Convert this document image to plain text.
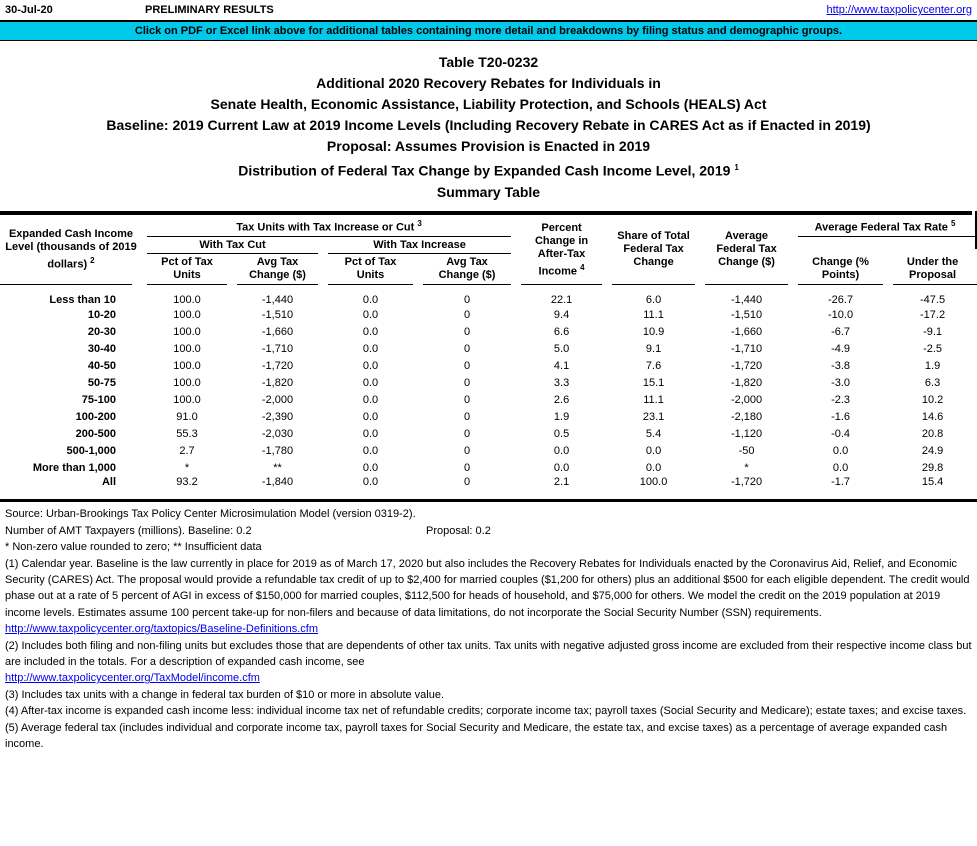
30-Jul-20	PRELIMINARY RESULTS	http://www.taxpolicycenter.org
Click on PDF or Excel link above for additional tables containing more detail and breakdowns by filing status and demographic groups.
Table T20-0232
Additional 2020 Recovery Rebates for Individuals in
Senate Health, Economic Assistance, Liability Protection, and Schools (HEALS) Act
Baseline: 2019 Current Law at 2019 Income Levels (Including Recovery Rebate in CARES Act as if Enacted in 2019)
Proposal: Assumes Provision is Enacted in 2019
Distribution of Federal Tax Change by Expanded Cash Income Level, 2019 $^1$
Summary Table
Expanded Cash Income Level (thousands of 2019 dollars) $^2$	Tax Units with Tax Increase or Cut $^3$				Percent Change in After-Tax Income $^4$	Share of Total Federal Tax Change	Average Federal Tax Change ($)	Average Federal Tax Rate $^5$
	With Tax Cut		With Tax Increase					Change (% Points)	Under the Proposal
	Pct of Tax Units	Avg Tax Change ($)	Pct of Tax Units	Avg Tax Change ($)					
Less than 10	100.0	-1,440	0.0	0	22.1	6.0	-1,440	-26.7	-47.5
10-20	100.0	-1,510	0.0	0	9.4	11.1	-1,510	-10.0	-17.2
20-30	100.0	-1,660	0.0	0	6.6	10.9	-1,660	-6.7	-9.1
30-40	100.0	-1,710	0.0	0	5.0	9.1	-1,710	-4.9	-2.5
40-50	100.0	-1,720	0.0	0	4.1	7.6	-1,720	-3.8	1.9
50-75	100.0	-1,820	0.0	0	3.3	15.1	-1,820	-3.0	6.3
75-100	100.0	-2,000	0.0	0	2.6	11.1	-2,000	-2.3	10.2
100-200	91.0	-2,390	0.0	0	1.9	23.1	-2,180	-1.6	14.6
200-500	55.3	-2,030	0.0	0	0.5	5.4	-1,120	-0.4	20.8
500-1,000	2.7	-1,780	0.0	0	0.0	0.0	-50	0.0	24.9
More than 1,000	*	**	0.0	0	0.0	0.0	*	0.0	29.8
All	93.2	-1,840	0.0	0	2.1	100.0	-1,720	-1.7	15.4
Source: Urban-Brookings Tax Policy Center Microsimulation Model (version 0319-2).
Number of AMT Taxpayers (millions). Baseline: 0.2	Proposal: 0.2
* Non-zero value rounded to zero; ** Insufficient data
(1) Calendar year. Baseline is the law currently in place for 2019 as of March 17, 2020 but also includes the Recovery Rebates for Individuals enacted by the Coronavirus Aid, Relief, and Economic Security (CARES) Act. The proposal would provide a refundable tax credit of up to $2,400 for married couples ($1,200 for others) plus an additional $500 for each eligible dependent. The credit would phase out at a rate of 5 percent of AGI in excess of $150,000 for married couples, $112,500 for heads of household, and $75,000 for others. We model the credit on the 2019 population at 2019 income levels. Estimates assume 100 percent take-up for non-filers and because of data limitations, do not incorporate the Social Security Number (SSN) requirements.
http://www.taxpolicycenter.org/taxtopics/Baseline-Definitions.cfm
(2) Includes both filing and non-filing units but excludes those that are dependents of other tax units. Tax units with negative adjusted gross income are excluded from their respective income class but are included in the totals. For a description of expanded cash income, see
http://www.taxpolicycenter.org/TaxModel/income.cfm
(3) Includes tax units with a change in federal tax burden of $10 or more in absolute value.
(4) After-tax income is expanded cash income less: individual income tax net of refundable credits; corporate income tax; payroll taxes (Social Security and Medicare); estate taxes; and excise taxes.
(5) Average federal tax (includes individual and corporate income tax, payroll taxes for Social Security and Medicare, the estate tax, and excise taxes) as a percentage of average expanded cash income.
